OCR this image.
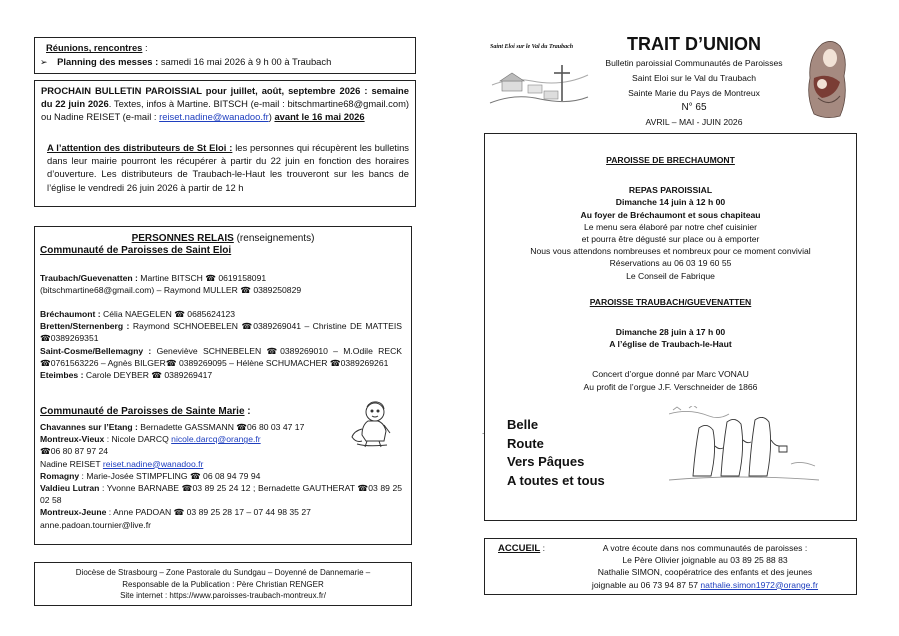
Réunions, rencontres :
➢ Planning des messes : samedi 16 mai 2026 à 9 h 00 à Traubach

PROCHAIN BULLETIN PAROISSIAL pour juillet, août, septembre 2026 : semaine du 22 juin 2026. Textes, infos à Martine. BITSCH (e-mail : bitschmartine68@gmail.com) ou Nadine REISET (e-mail : reiset.nadine@wanadoo.fr) avant le 16 mai 2026

A l’attention des distributeurs de St Eloi : les personnes qui récupèrent les bulletins dans leur mairie pourront les récupérer à partir du 22 juin en fonction des horaires d’ouverture. Les distributeurs de Traubach-le-Haut les trouveront sur les bancs de l’église le vendredi 26 juin 2026 à partir de 12 h

PERSONNES RELAIS (renseignements)
Communauté de Paroisses de Saint Eloi
Traubach/Guevenatten : Martine BITSCH ☎ 0619158091
(bitschmartine68@gmail.com) – Raymond MULLER ☎ 0389250829
Bréchaumont : Célia NAEGELEN ☎ 0685624123
Bretten/Sternenberg : Raymond SCHNOEBELEN ☎0389269041 – Christine DE MATTEIS ☎0389269351
Saint-Cosme/Bellemagny : Geneviève SCHNEBELEN ☎0389269010 – M.Odile RECK ☎0761563226 – Agnès BILGER☎ 0389269095 – Hélène SCHUMACHER ☎0389269261
Eteimbes : Carole DEYBER ☎ 0389269417
Communauté de Paroisses de Sainte Marie :
Chavannes sur l’Etang : Bernadette GASSMANN ☎06 80 03 47 17
Montreux-Vieux : Nicole DARCQ nicole.darcq@orange.fr
☎06 80 87 97 24
Nadine REISET reiset.nadine@wanadoo.fr
Romagny : Marie-Josée STIMPFLING ☎ 06 08 94 79 94
Valdieu Lutran : Yvonne BARNABE ☎03 89 25 24 12 ; Bernadette GAUTHERAT ☎03 89 25 02 58
Montreux-Jeune : Anne PADOAN ☎ 03 89 25 28 17 – 07 44 98 35 27
anne.padoan.tournier@live.fr
Diocèse de Strasbourg – Zone Pastorale du Sundgau – Doyenné de Dannemarie –
Responsable de la Publication : Père Christian RENGER
Site internet : https://www.paroisses-traubach-montreux.fr/
Saint Eloi sur le Val du Traubach	TRAIT D’UNION
Bulletin paroissial Communautés de Paroisses
Saint Eloi sur le Val du Traubach
Sainte Marie du Pays de Montreux
N° 65
AVRIL – MAI - JUIN 2026
PAROISSE DE BRECHAUMONT
REPAS PAROISSIAL
Dimanche 14 juin à 12 h 00
Au foyer de Bréchaumont et sous chapiteau
Le menu sera élaboré par notre chef cuisinier
et pourra être dégusté sur place ou à emporter
Nous vous attendons nombreuses et nombreux pour ce moment convivial
Réservations au 06 03 19 60 55
Le Conseil de Fabrique
PAROISSE TRAUBACH/GUEVENATTEN
Dimanche 28 juin à 17 h 00
A l’église de Traubach-le-Haut
Concert d’orgue donné par Marc VONAU
Au profit de l’orgue J.F. Verschneider de 1866
Belle
Route
Vers Pâques
A toutes et tous
.
ACCUEIL :	A votre écoute dans nos communautés de paroisses :
Le Père Olivier joignable au 03 89 25 88 83
Nathalie SIMON, coopératrice des enfants et des jeunes
joignable au 06 73 94 87 57 nathalie.simon1972@orange.fr
